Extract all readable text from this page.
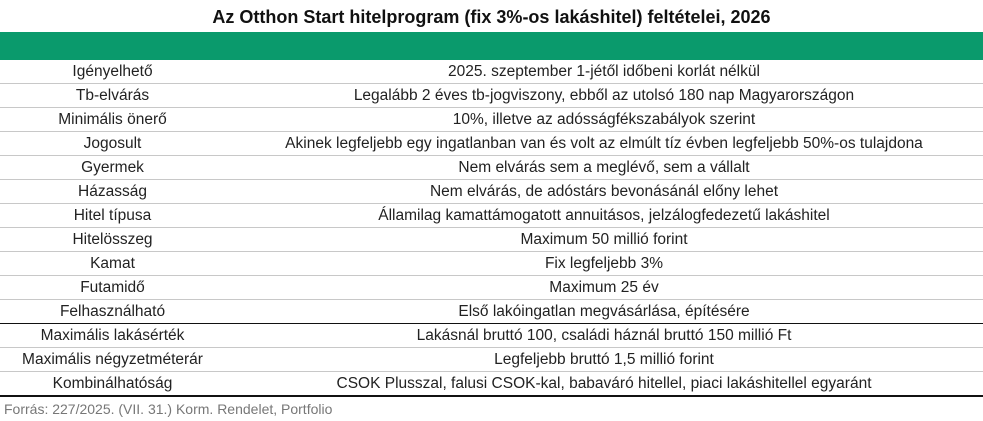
Az Otthon Start hitelprogram (fix 3%-os lakáshitel) feltételei, 2026
Igényelhető	2025. szeptember 1-jétől időbeni korlát nélkül
Tb-elvárás	Legalább 2 éves tb-jogviszony, ebből az utolsó 180 nap Magyarországon
Minimális önerő	10%, illetve az adósságfékszabályok szerint
Jogosult	Akinek legfeljebb egy ingatlanban van és volt az elmúlt tíz évben legfeljebb 50%-os tulajdona
Gyermek	Nem elvárás sem a meglévő, sem a vállalt
Házasság	Nem elvárás, de adóstárs bevonásánál előny lehet
Hitel típusa	Államilag kamattámogatott annuitásos, jelzálogfedezetű lakáshitel
Hitelösszeg	Maximum 50 millió forint
Kamat	Fix legfeljebb 3%
Futamidő	Maximum 25 év
Felhasználható	Első lakóingatlan megvásárlása, építésére
Maximális lakásérték	Lakásnál bruttó 100, családi háznál bruttó 150 millió Ft
Maximális négyzetméterár	Legfeljebb bruttó 1,5 millió forint
Kombinálhatóság	CSOK Plusszal, falusi CSOK-kal, babaváró hitellel, piaci lakáshitellel egyaránt
Forrás: 227/2025. (VII. 31.) Korm. Rendelet, Portfolio
